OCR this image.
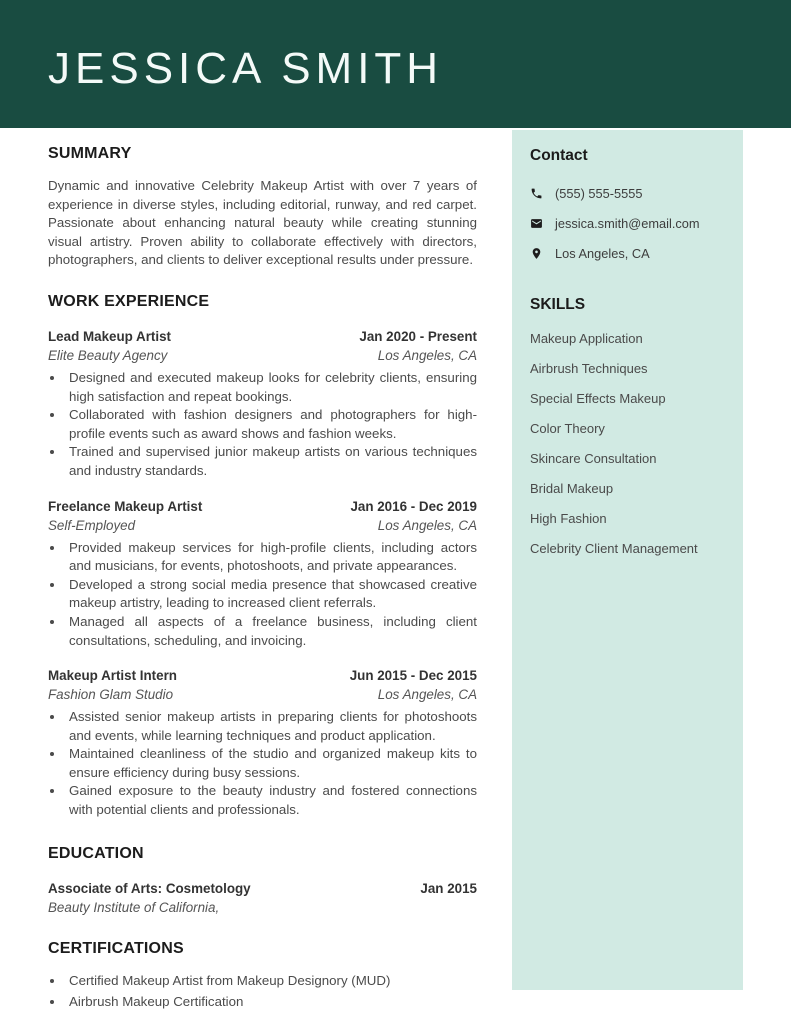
JESSICA SMITH
SUMMARY

Dynamic and innovative Celebrity Makeup Artist with over 7 years of experience in diverse styles, including editorial, runway, and red carpet. Passionate about enhancing natural beauty while creating stunning visual artistry. Proven ability to collaborate effectively with directors, photographers, and clients to deliver exceptional results under pressure.

WORK EXPERIENCE
Lead Makeup Artist	Jan 2020 - Present
Elite Beauty Agency	Los Angeles, CA
• Designed and executed makeup looks for celebrity clients, ensuring high satisfaction and repeat bookings.
• Collaborated with fashion designers and photographers for high-profile events such as award shows and fashion weeks.
• Trained and supervised junior makeup artists on various techniques and industry standards.
Freelance Makeup Artist	Jan 2016 - Dec 2019
Self-Employed	Los Angeles, CA
• Provided makeup services for high-profile clients, including actors and musicians, for events, photoshoots, and private appearances.
• Developed a strong social media presence that showcased creative makeup artistry, leading to increased client referrals.
• Managed all aspects of a freelance business, including client consultations, scheduling, and invoicing.
Makeup Artist Intern	Jun 2015 - Dec 2015
Fashion Glam Studio	Los Angeles, CA
• Assisted senior makeup artists in preparing clients for photoshoots and events, while learning techniques and product application.
• Maintained cleanliness of the studio and organized makeup kits to ensure efficiency during busy sessions.
• Gained exposure to the beauty industry and fostered connections with potential clients and professionals.
EDUCATION
Associate of Arts: Cosmetology	Jan 2015
Beauty Institute of California,
CERTIFICATIONS
• Certified Makeup Artist from Makeup Designory (MUD)
• Airbrush Makeup Certification
Contact
(555) 555-5555
jessica.smith@email.com
Los Angeles, CA
SKILLS
Makeup Application
Airbrush Techniques
Special Effects Makeup
Color Theory
Skincare Consultation
Bridal Makeup
High Fashion
Celebrity Client Management
